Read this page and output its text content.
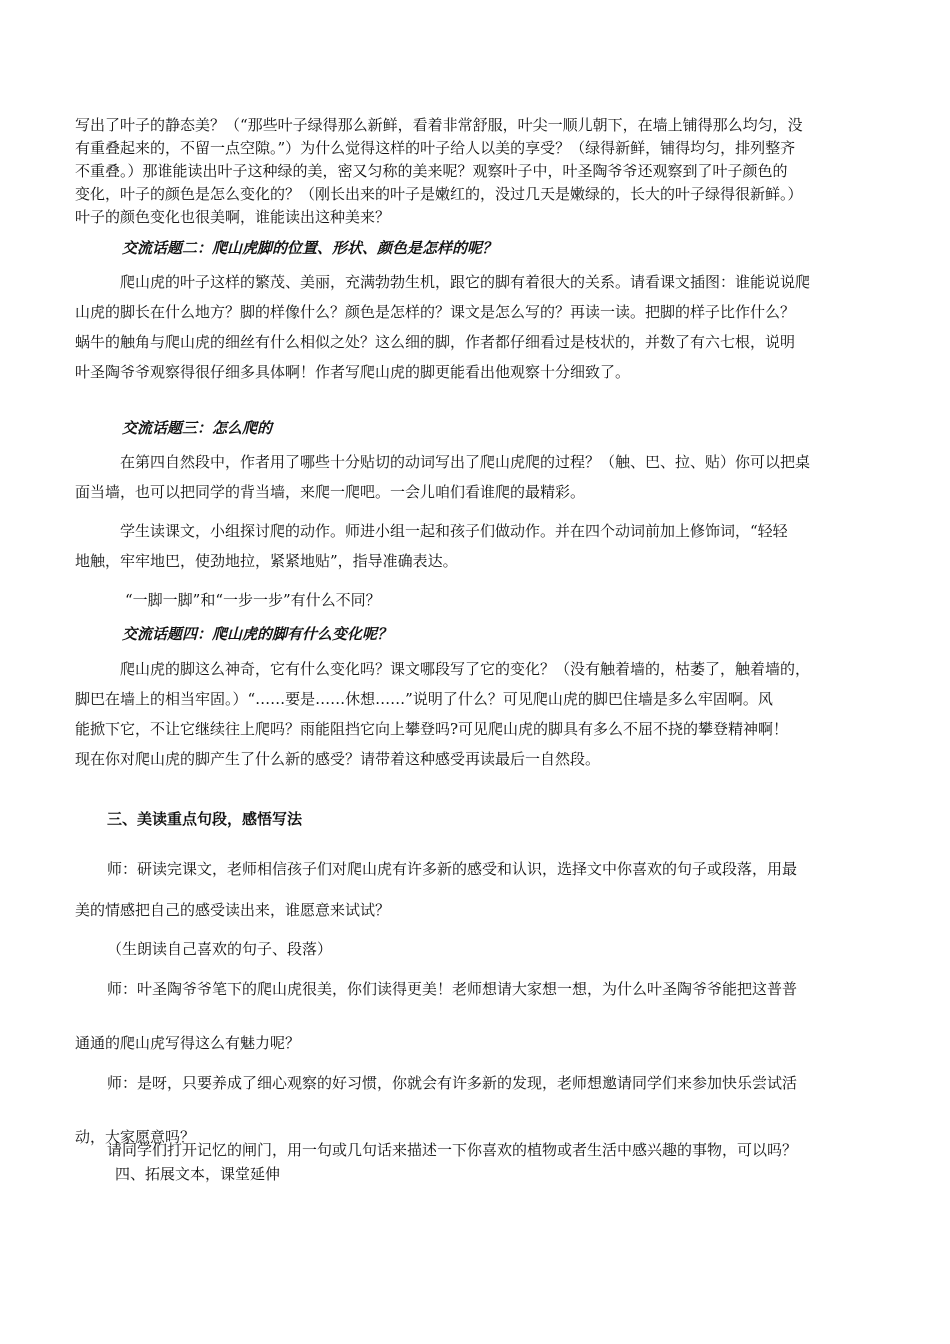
写出了叶子的静态美？（“那些叶子绿得那么新鲜，看着非常舒服，叶尖一顺儿朝下，在墙上铺得那么均匀，没
有重叠起来的，不留一点空隙。”）为什么觉得这样的叶子给人以美的享受？（绿得新鲜，铺得均匀，排列整齐
不重叠。）那谁能读出叶子这种绿的美，密又匀称的美来呢？观察叶子中，叶圣陶爷爷还观察到了叶子颜色的
变化，叶子的颜色是怎么变化的？（刚长出来的叶子是嫩红的，没过几天是嫩绿的，长大的叶子绿得很新鲜。）
叶子的颜色变化也很美啊，谁能读出这种美来？
交流话题二：爬山虎脚的位置、形状、颜色是怎样的呢？
爬山虎的叶子这样的繁茂、美丽，充满勃勃生机，跟它的脚有着很大的关系。请看课文插图：谁能说说爬
山虎的脚长在什么地方？脚的样像什么？颜色是怎样的？课文是怎么写的？再读一读。把脚的样子比作什么？
蜗牛的触角与爬山虎的细丝有什么相似之处？这么细的脚，作者都仔细看过是枝状的，并数了有六七根，说明
叶圣陶爷爷观察得很仔细多具体啊！作者写爬山虎的脚更能看出他观察十分细致了。
交流话题三：怎么爬的
在第四自然段中，作者用了哪些十分贴切的动词写出了爬山虎爬的过程？（触、巴、拉、贴）你可以把桌
面当墙，也可以把同学的背当墙，来爬一爬吧。一会儿咱们看谁爬的最精彩。
学生读课文，小组探讨爬的动作。师进小组一起和孩子们做动作。并在四个动词前加上修饰词，“轻轻
地触，牢牢地巴，使劲地拉，紧紧地贴”，指导准确表达。
“一脚一脚”和“一步一步”有什么不同？
交流话题四：爬山虎的脚有什么变化呢？
爬山虎的脚这么神奇，它有什么变化吗？课文哪段写了它的变化？（没有触着墙的，枯萎了，触着墙的，
脚巴在墙上的相当牢固。）“……要是……休想……”说明了什么？可见爬山虎的脚巴住墙是多么牢固啊。风
能掀下它，不让它继续往上爬吗？雨能阻挡它向上攀登吗?可见爬山虎的脚具有多么不屈不挠的攀登精神啊！
现在你对爬山虎的脚产生了什么新的感受？请带着这种感受再读最后一自然段。
三、美读重点句段，感悟写法
师：研读完课文，老师相信孩子们对爬山虎有许多新的感受和认识，选择文中你喜欢的句子或段落，用最
美的情感把自己的感受读出来，谁愿意来试试？
（生朗读自己喜欢的句子、段落）
师：叶圣陶爷爷笔下的爬山虎很美，你们读得更美！老师想请大家想一想，为什么叶圣陶爷爷能把这普普
通通的爬山虎写得这么有魅力呢？
师：是呀，只要养成了细心观察的好习惯，你就会有许多新的发现，老师想邀请同学们来参加快乐尝试活
动，大家愿意吗？
请同学们打开记忆的闸门，用一句或几句话来描述一下你喜欢的植物或者生活中感兴趣的事物，可以吗？
四、拓展文本，课堂延伸
